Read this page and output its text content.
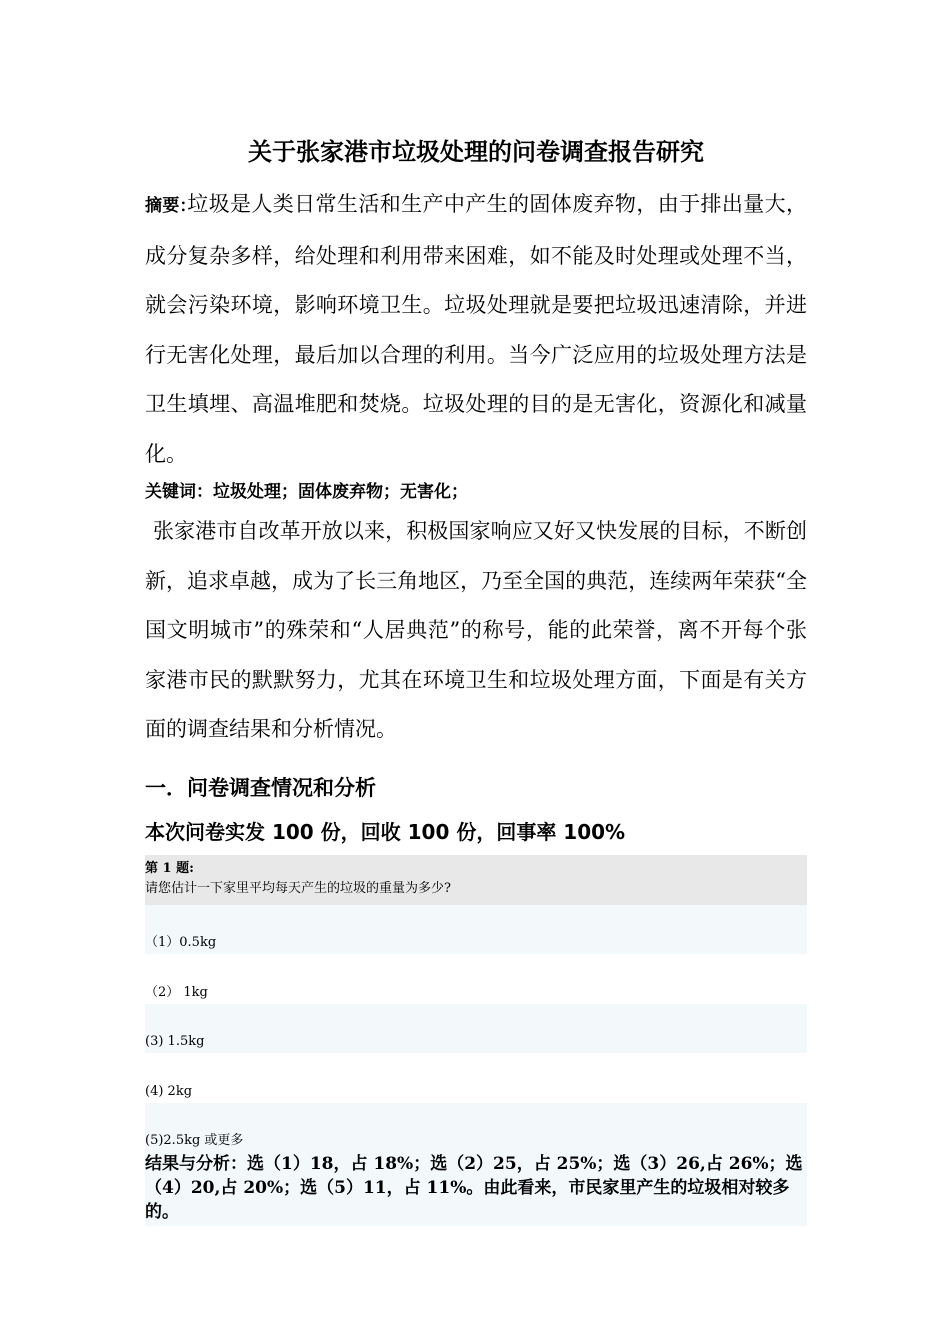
关于张家港市垃圾处理的问卷调查报告研究

摘要:垃圾是人类日常生活和生产中产生的固体废弃物，由于排出量大，成分复杂多样，给处理和利用带来困难，如不能及时处理或处理不当，就会污染环境，影响环境卫生。垃圾处理就是要把垃圾迅速清除，并进行无害化处理，最后加以合理的利用。当今广泛应用的垃圾处理方法是卫生填埋、高温堆肥和焚烧。垃圾处理的目的是无害化，资源化和减量化。

关键词：垃圾处理；固体废弃物；无害化；

张家港市自改革开放以来，积极国家响应又好又快发展的目标，不断创新，追求卓越，成为了长三角地区，乃至全国的典范，连续两年荣获“全国文明城市”的殊荣和“人居典范”的称号，能的此荣誉，离不开每个张家港市民的默默努力，尤其在环境卫生和垃圾处理方面，下面是有关方面的调查结果和分析情况。

一．问卷调查情况和分析
本次问卷实发 100 份，回收 100 份，回事率 100%
第 1 题:
请您估计一下家里平均每天产生的垃圾的重量为多少?
（1）0.5kg
（2） 1kg
(3) 1.5kg
(4) 2kg
(5)2.5kg 或更多
结果与分析：选（1）18，占 18%；选（2）25，占 25%；选（3）26,占 26%；选（4）20,占 20%；选（5）11，占 11%。由此看来，市民家里产生的垃圾相对较多的。
